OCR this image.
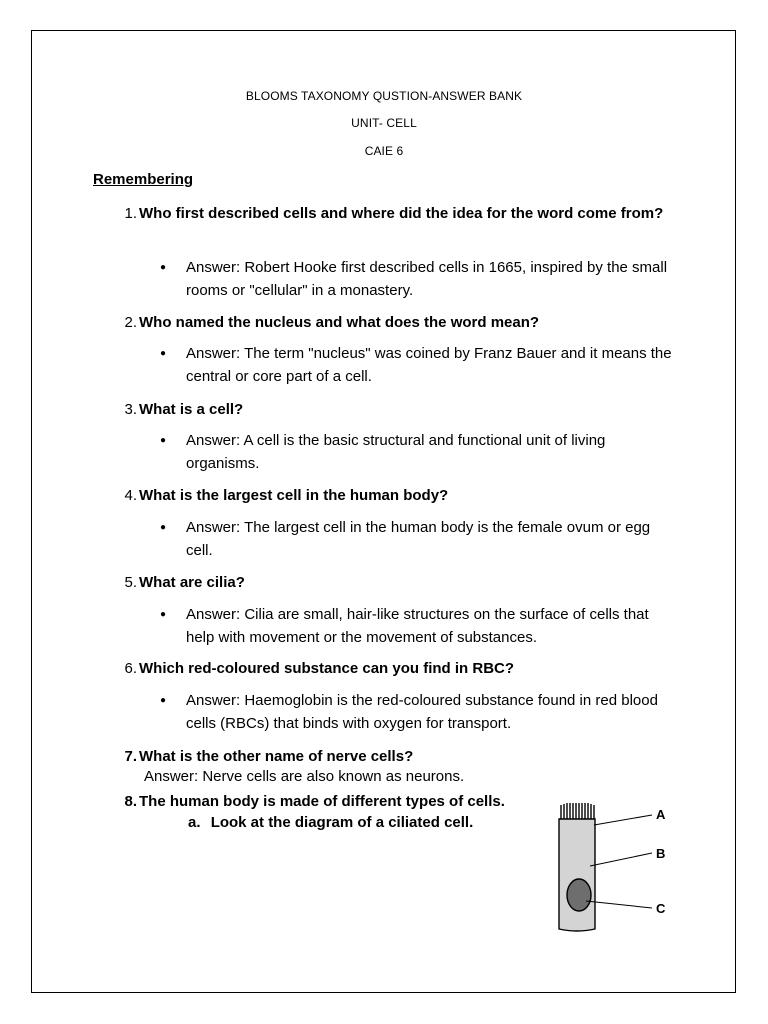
BLOOMS TAXONOMY QUSTION-ANSWER BANK
UNIT- CELL
CAIE 6
Remembering
1. Who first described cells and where did the idea for the word come from?
● Answer: Robert Hooke first described cells in 1665, inspired by the small rooms or "cellular" in a monastery.
2. Who named the nucleus and what does the word mean?
● Answer: The term "nucleus" was coined by Franz Bauer and it means the central or core part of a cell.
3. What is a cell?
● Answer: A cell is the basic structural and functional unit of living organisms.
4. What is the largest cell in the human body?
● Answer: The largest cell in the human body is the female ovum or egg cell.
5. What are cilia?
● Answer: Cilia are small, hair-like structures on the surface of cells that help with movement or the movement of substances.
6. Which red-coloured substance can you find in RBC?
● Answer: Haemoglobin is the red-coloured substance found in red blood cells (RBCs) that binds with oxygen for transport.
7. What is the other name of nerve cells?
Answer: Nerve cells are also known as neurons.
8. The human body is made of different types of cells.
a. Look at the diagram of a ciliated cell.	A
B
C
